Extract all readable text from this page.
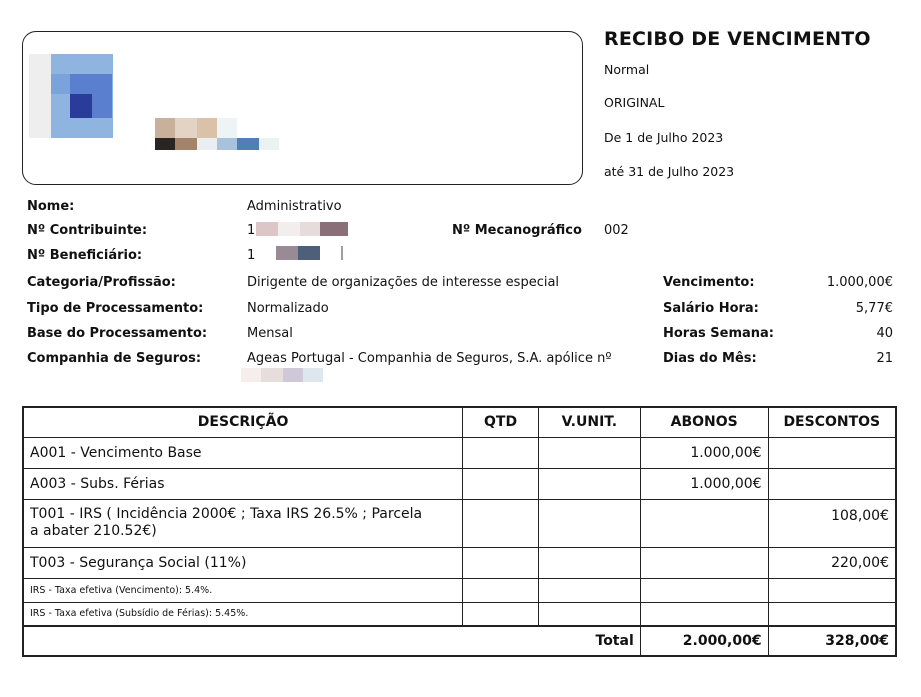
RECIBO DE VENCIMENTO
Normal
ORIGINAL
De 1 de Julho 2023
até 31 de Julho 2023
Nome:	Administrativo
Nº Contribuinte:	1	Nº Mecanográfico 002
Nº Beneficiário:	1
Categoria/Profissão:	Dirigente de organizações de interesse especial
Tipo de Processamento:	Normalizado
Base do Processamento:	Mensal
Companhia de Seguros:	Ageas Portugal - Companhia de Seguros, S.A. apólice nº
Vencimento:	1.000,00€
Salário Hora:	5,77€
Horas Semana:	40
Dias do Mês:	21
DESCRIÇÃO	QTD	V.UNIT.	ABONOS	DESCONTOS
A001 - Vencimento Base			1.000,00€	
A003 - Subs. Férias			1.000,00€	
T001 - IRS ( Incidência 2000€ ; Taxa IRS 26.5% ; Parcela a abater 210.52€)				108,00€
T003 - Segurança Social (11%)				220,00€
IRS - Taxa efetiva (Vencimento): 5.4%.				
IRS - Taxa efetiva (Subsídio de Férias): 5.45%.				
Total			2.000,00€	328,00€
